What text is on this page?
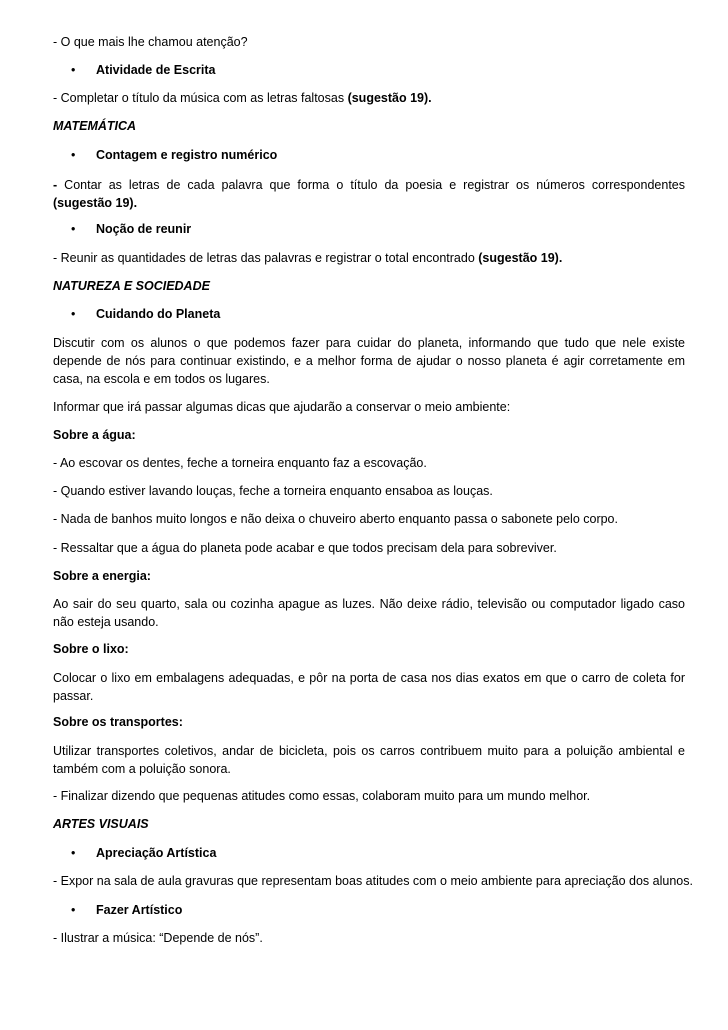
- O que mais lhe chamou atenção?
• Atividade de Escrita
- Completar o título da música com as letras faltosas (sugestão 19).
MATEMÁTICA
• Contagem e registro numérico
- Contar as letras de cada palavra que forma o título da poesia e registrar os números correspondentes (sugestão 19).
• Noção de reunir
- Reunir as quantidades de letras das palavras e registrar o total encontrado (sugestão 19).
NATUREZA E SOCIEDADE
• Cuidando do Planeta
Discutir com os alunos o que podemos fazer para cuidar do planeta, informando que tudo que nele existe depende de nós para continuar existindo, e a melhor forma de ajudar o nosso planeta é agir corretamente em casa, na escola e em todos os lugares.
Informar que irá passar algumas dicas que ajudarão a conservar o meio ambiente:
Sobre a água:
- Ao escovar os dentes, feche a torneira enquanto faz a escovação.
- Quando estiver lavando louças, feche a torneira enquanto ensaboa as louças.
- Nada de banhos muito longos e não deixa o chuveiro aberto enquanto passa o sabonete pelo corpo.
- Ressaltar que a água do planeta pode acabar e que todos precisam dela para sobreviver.
Sobre a energia:
Ao sair do seu quarto, sala ou cozinha apague as luzes. Não deixe rádio, televisão ou computador ligado caso não esteja usando.
Sobre o lixo:
Colocar o lixo em embalagens adequadas, e pôr na porta de casa nos dias exatos em que o carro de coleta for passar.
Sobre os transportes:
Utilizar transportes coletivos, andar de bicicleta, pois os carros contribuem muito para a poluição ambiental e também com a poluição sonora.
- Finalizar dizendo que pequenas atitudes como essas, colaboram muito para um mundo melhor.
ARTES VISUAIS
• Apreciação Artística
- Expor na sala de aula gravuras que representam boas atitudes com o meio ambiente para apreciação dos alunos.
• Fazer Artístico
- Ilustrar a música: “Depende de nós”.
